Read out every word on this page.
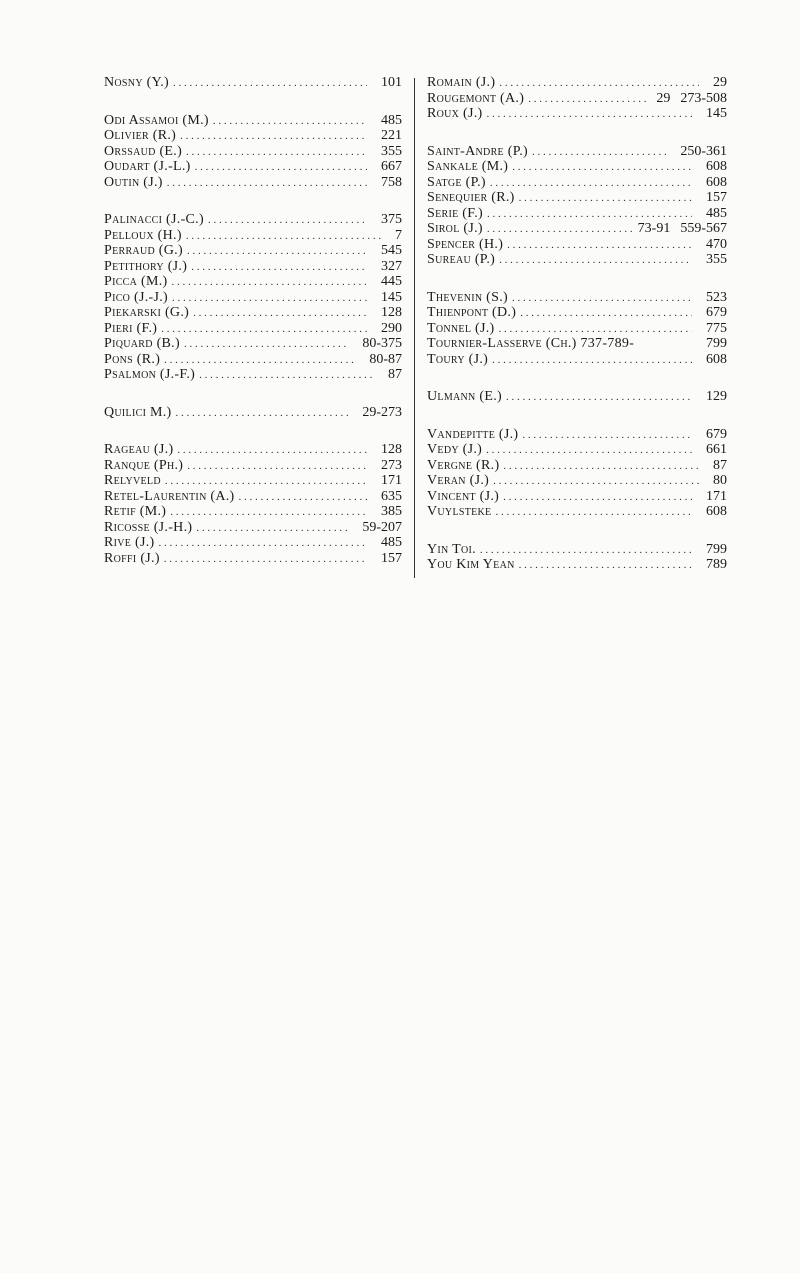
Nosny (Y.) . . .	101
Odi Assamoi (M.) . . .	485
Olivier (R.) . . .	221
Orssaud (E.) . . .	355
Oudart (J.-L.) . . .	667
Outin (J.) . . .	758
Palinacci (J.-C.) . . .	375
Pelloux (H.) . . .	7
Perraud (G.) . . .	545
Petithory (J.) . . .	327
Picca (M.) . . .	445
Pico (J.-J.) . . .	145
Piekarski (G.) . . .	128
Pieri (F.) . . .	290
Piquard (B.) . . .	80-375
Pons (R.) . . .	80-87
Psalmon (J.-F.) . . .	87
Quilici M.) . . .	29-273
Rageau (J.) . . .	128
Ranque (Ph.) . . .	273
Relyveld . . .	171
Retel-Laurentin (A.) . . .	635
Retif (M.) . . .	385
Ricosse (J.-H.) . . .	59-207
Rive (J.) . . .	485
Roffi (J.) . . .	157
Romain (J.) . . .	29
Rougemont (A.) . . .	29 273-508
Roux (J.) . . .	145
Saint-Andre (P.) . . .	250-361
Sankale (M.) . . .	608
Satge (P.) . . .	608
Senequier (R.) . . .	157
Serie (F.) . . .	485
Sirol (J.) . . .	73-91 559-567
Spencer (H.) . . .	470
Sureau (P.) . . .	355
Thevenin (S.) . . .	523
Thienpont (D.) . . .	679
Tonnel (J.) . . .	775
Tournier-Lasserve (Ch.) 737-789-	799
Toury (J.) . . .	608
Ulmann (E.) . . .	129
Vandepitte (J.) . . .	679
Vedy (J.) . . .	661
Vergne (R.) . . .	87
Veran (J.) . . .	80
Vincent (J.) . . .	171
Vuylsteke . . .	608
Yin Toi. . . .	799
You Kim Yean . . .	789
